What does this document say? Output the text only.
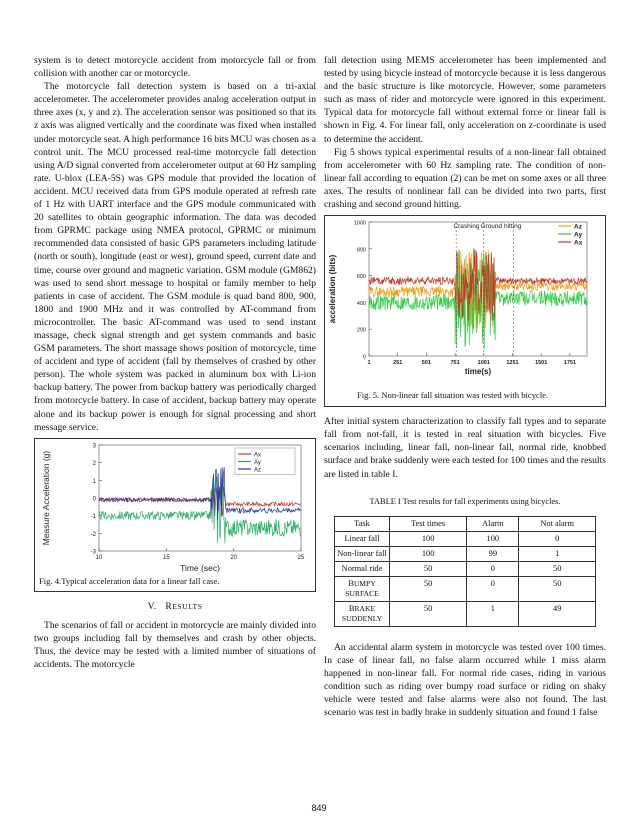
system is to detect motorcycle accident from motorcycle fall or from collision with another car or motorcycle.

The motorcycle fall detection system is based on a tri-axial accelerometer. The accelerometer provides analog acceleration output in three axes (x, y and z). The acceleration sensor was positioned so that its z axis was aligned vertically and the coordinate was fixed when installed under motorcycle seat. A high performance 16 bits MCU was chosen as a control unit. The MCU processed real-time motorcycle fall detection using A/D signal converted from accelerometer output at 60 Hz sampling rate. U-blox (LEA-5S) was GPS module that provided the location of accident. MCU received data from GPS module operated at refresh rate of 1 Hz with UART interface and the GPS module communicated with 20 satellites to obtain geographic information. The data was decoded from GPRMC package using NMEA protocol, GPRMC or minimum recommended data consisted of basic GPS parameters including latitude (north or south), longitude (east or west), ground speed, current date and time, course over ground and magnetic variation. GSM module (GM862) was used to send short message to hospital or family member to help patients in case of accident. The GSM module is quad band 800, 900, 1800 and 1900 MHz and it was controlled by AT-command from microcontroller. The basic AT-command was used to send instant massage, check signal strength and get system commands and basic GSM parameters. The short massage shows position of motorcycle, time of accident and type of accident (fall by themselves of crashed by other person). The whole system was packed in aluminum box with Li-ion backup battery. The power from backup battery was periodically charged from motorcycle battery. In case of accident, backup battery may operate alone and its backup power is enough for signal processing and short message service.

-3
-2
-1
0
1
2
3
10	15	20	25
Time (sec)
Measure Acceleration (g)	Ax
Ay
Az
Fig. 4.Typical acceleration data for a linear fall case.
V. RESULTS

The scenarios of fall or accident in motorcycle are mainly divided into two groups including fall by themselves and crash by other objects. Thus, the device may be tested with a limited number of situations of accidents. The motorcycle

fall detection using MEMS accelerometer has been implemented and tested by using bicycle instead of motorcycle because it is less dangerous and the basic structure is like motorcycle. However, some parameters such as mass of rider and motorcycle were ignored in this experiment. Typical data for motorcycle fall without external force or linear fall is shown in Fig. 4. For linear fall, only acceleration on z-coordinate is used to determine the accident.

Fig 5 shows typical experimental results of a non-linear fall obtained from accelerometer with 60 Hz sampling rate. The condition of non-linear fall according to equation (2) can be met on some axes or all three axes. The results of nonlinear fall can be divided into two parts, first crashing and second ground hitting.

0
200
400
600
800
1000
1	251	501	751	1001	1251	1501	1751
time(s)
acceleration (bits)
Az
Ay
Ax
Crashing Ground hitting
Fig. 5. Non-linear fall situation was tested with bicycle.

After initial system characterization to classify fall types and to separate fall from not-fall, it is tested in real situation with bicycles. Five scenarios including, linear fall, non-linear fall, normal ride, knobbed surface and brake suddenly were each tested for 100 times and the results are listed in table I.

TABLE I Test results for fall experiments using bicycles.
Task	Test times	Alarm	Not alarm
Linear fall	100	100	0
Non-linear fall	100	99	1
Normal ride	50	0	50
BUMPY SURFACE	50	0	50
BRAKE SUDDENLY	50	1	49

An accidental alarm system in motorcycle was tested over 100 times. In case of linear fall, no false alarm occurred while 1 miss alarm happened in non-linear fall. For normal ride cases, riding in various condition such as riding over bumpy road surface or riding on shaky vehicle were tested and false alarms were also not found. The last scenario was test in badly brake in suddenly situation and found 1 false

849
